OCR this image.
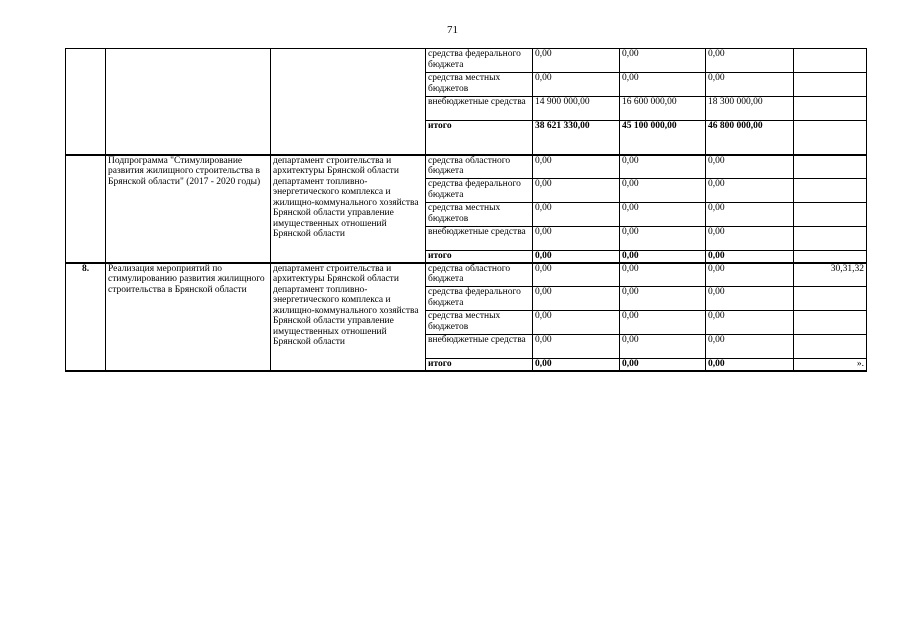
71
			средства федерального бюджета	0,00	0,00	0,00	
			средства местных бюджетов	0,00	0,00	0,00	
			внебюджетные средства	14 900 000,00	16 600 000,00	18 300 000,00	
			итого	38 621 330,00	45 100 000,00	46 800 000,00	
	Подпрограмма "Стимулирование развития жилищного строительства в Брянской области" (2017 - 2020 годы)	департамент строительства и архитектуры Брянской области департамент топливно-энергетического комплекса и жилищно-коммунального хозяйства Брянской области управление имущественных отношений Брянской области	средства областного бюджета	0,00	0,00	0,00	
			средства федерального бюджета	0,00	0,00	0,00	
			средства местных бюджетов	0,00	0,00	0,00	
			внебюджетные средства	0,00	0,00	0,00	
			итого	0,00	0,00	0,00	
8.	Реализация мероприятий по стимулированию развития жилищного строительства в Брянской области	департамент строительства и архитектуры Брянской области департамент топливно-энергетического комплекса и жилищно-коммунального хозяйства Брянской области управление имущественных отношений Брянской области	средства областного бюджета	0,00	0,00	0,00	30,31,32
			средства федерального бюджета	0,00	0,00	0,00	
			средства местных бюджетов	0,00	0,00	0,00	
			внебюджетные средства	0,00	0,00	0,00	
			итого	0,00	0,00	0,00	».
